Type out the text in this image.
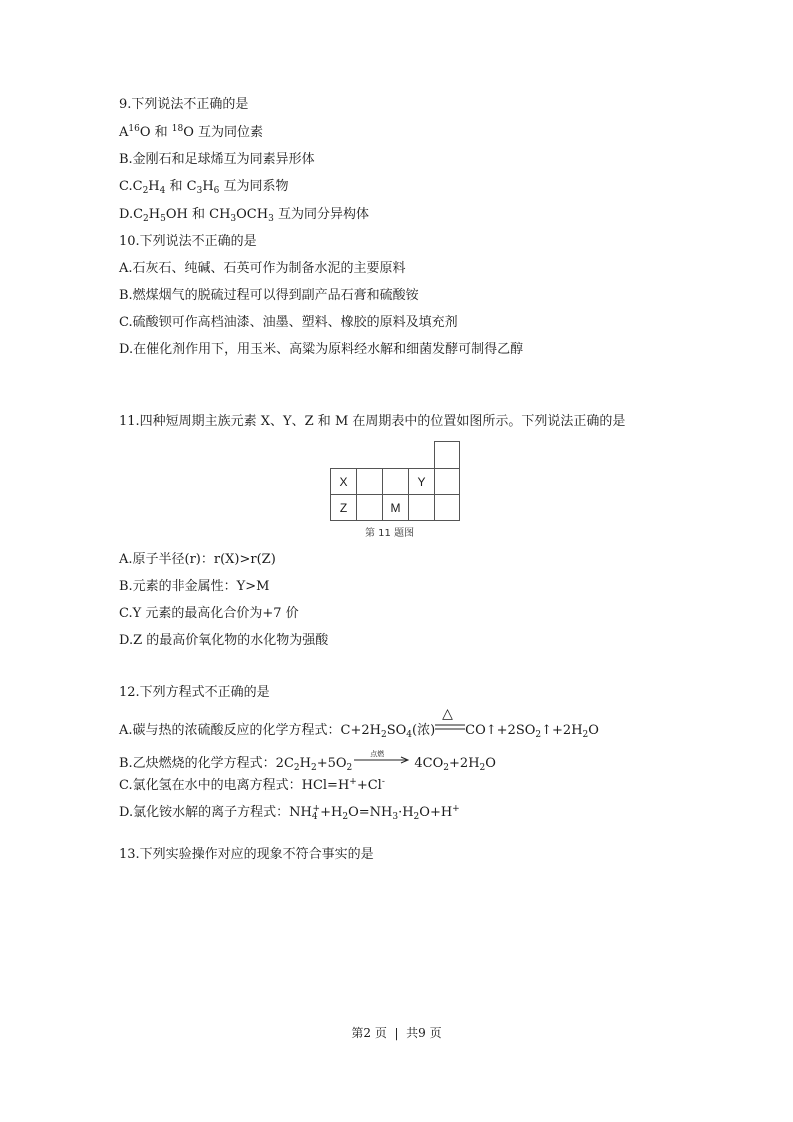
9.下列说法不正确的是
$A^{16}O$ 和 $^{18}$O 互为同位素
B.金刚石和足球烯互为同素异形体
$C.C_2H_4$ 和 $C_3H_6$ 互为同系物
$D.C_2H_5OH$ 和 $CH_3OCH_3$ 互为同分异构体
10.下列说法不正确的是
A.石灰石、纯碱、石英可作为制备水泥的主要原料
B.燃煤烟气的脱硫过程可以得到副产品石膏和硫酸铵
C.硫酸钡可作高档油漆、油墨、塑料、橡胶的原料及填充剂
D.在催化剂作用下，用玉米、高粱为原料经水解和细菌发酵可制得乙醇
11.四种短周期主族元素 X、Y、Z 和 M 在周期表中的位置如图所示。下列说法正确的是
X	Y
Z	M
第 11 题图
A.原子半径(r)：r(X)>r(Z)
B.元素的非金属性：Y>M
C.Y 元素的最高化合价为+7 价
D.Z 的最高价氧化物的水化物为强酸
12.下列方程式不正确的是
A.碳与热的浓硫酸反应的化学方程式：$C+2H_2SO_4$(浓)
△
$CO↑+2SO_2↑+2H_2O$
B.乙炔燃烧的化学方程式：$2C_2H_2+5O_2$
点燃
$4CO_2+2H_2O$
C.氯化氢在水中的电离方程式：HCl=H++Cl-
D.氯化铵水解的离子方程式：$NH_4^++H_2O=NH_3\cdot H_2O+H^+$
13.下列实验操作对应的现象不符合事实的是
第2 页  |  共9 页
